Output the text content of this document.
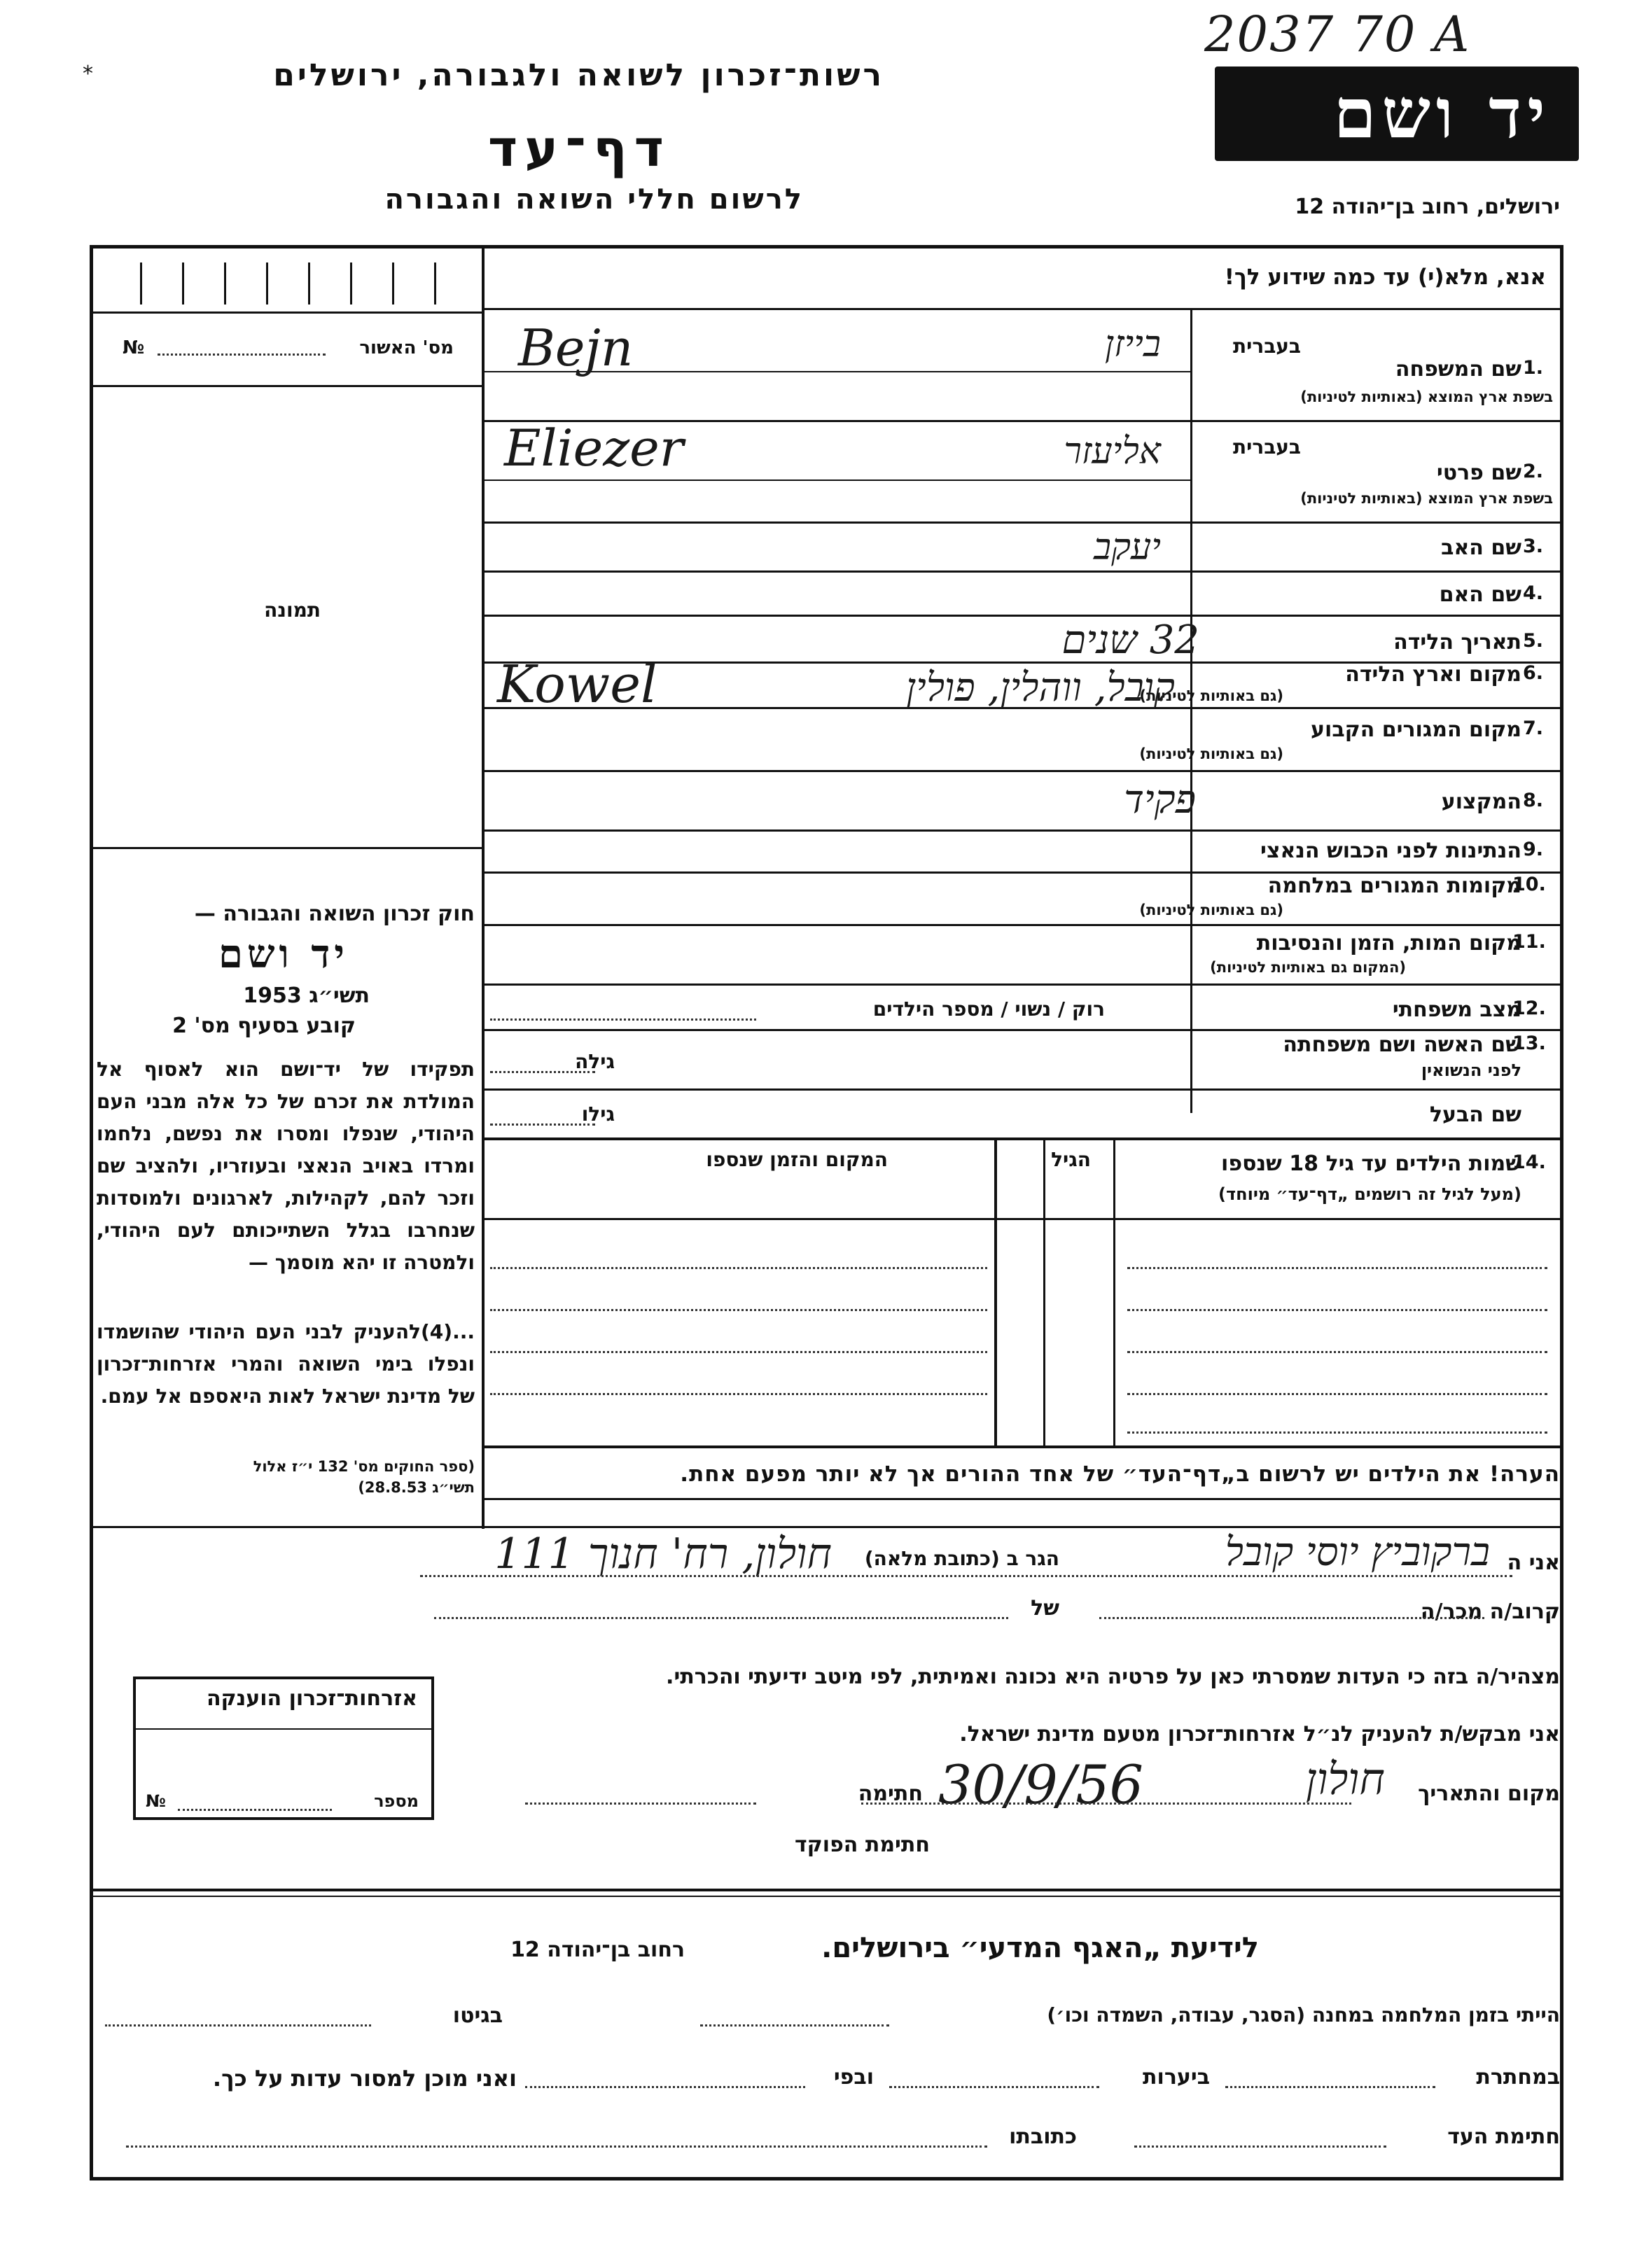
רשות־זכרון לשואה ולגבורה, ירושלים
*
דף־עד
לרשום חללי השואה והגבורה
2037 70 A
יד ושם
ירושלים, רחוב בן־יהודה 12
אנא, מלא(י) עד כמה שידוע לך!
№	מס' האשור
תמונה
חוק זכרון השואה והגבורה —
יד ושם
תשי״ג 1953
קובע בסעיף מס' 2
תפקידו של יד־ושם הוא לאסוף אל המולדת את זכרם של כל אלה מבני העם היהודי, שנפלו ומסרו את נפשם, נלחמו ומרדו באויב הנאצי ובעוזריו, ולהציב שם וזכר להם, לקהילות, לארגונים ולמוסדות שנחרבו בגלל השתייכותם לעם היהודי, ולמטרה זו יהא מוסמך —
...(4)להעניק לבני העם היהודי שהושמדו ונפלו בימי השואה והמרי אזרחות־זכרון של מדינת ישראל לאות היאספם אל עמם.
(ספר החוקים מס' 132 י״ז אלול תשי״ג 28.8.53)
בעברית
שם המשפחה 1.
בשפת ארץ המוצא (באותיות לטיניות)
בייזן
Bejn
בעברית
שם פרטי 2.
בשפת ארץ המוצא (באותיות לטיניות)
אליעזר
Eliezer
שם האב 3.
יעקב
שם האם 4.
תאריך הלידה 5.
32 שנים
מקום וארץ הלידה 6.
(גם באותיות לטיניות)
קובל, ווהלין, פולין
Kowel
מקום המגורים הקבוע 7.
(גם באותיות לטיניות)
המקצוע 8.
פקיד
הנתינות לפני הכבוש הנאצי 9.
מקומות המגורים במלחמה
10.
(גם באותיות לטיניות)
מקום המות, הזמן והנסיבות
11.
(המקום גם באותיות לטיניות)
מצב משפחתי
12.
רוק / נשוי / מספר הילדים
שם האשה ושם משפחתה
13.
לפני הנשואין
גילה
שם הבעל
גילו
שמות הילדים עד גיל 18 שנספו
14.
(מעל לגיל זה רושמים „דף־עד״ מיוחד)
הגיל
המקום והזמן שנספו
הערה! את הילדים יש לרשום ב„דף־העד״ של אחד ההורים אך לא יותר מפעם אחת.
אני ה
ברקוביץ יוסי קובל
הגר ב (כתובת מלאה)
חולון, רח' חנוך 111
קרוב/ה מכר/ה
של
מצהיר/ה בזה כי העדות שמסרתי כאן על פרטיה היא נכונה ואמיתית, לפי מיטב ידיעתי והכרתי.
אני מבקש/ת להעניק לנ״ל אזרחות־זכרון מטעם מדינת ישראל.
מקום והתאריך
חולון
30/9/56
חתימה
חתימת הפוקד
אזרחות־זכרון הוענקה
מספר
№
לידיעת „האגף המדעי״ בירושלים.
רחוב בן־יהודה 12
הייתי בזמן המלחמה במחנה (הסגר, עבודה, השמדה וכו׳)
בגיטו
במחתרת
ביערות
ובפי
ואני מוכן למסור עדות על כך.
חתימת העד
כתובתו
